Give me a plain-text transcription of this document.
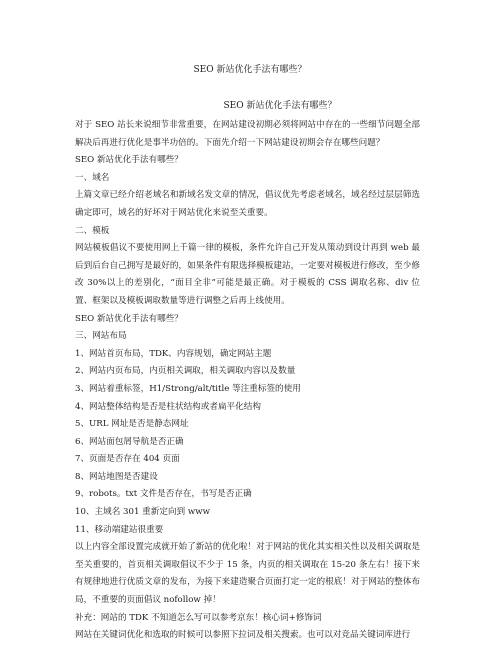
SEO 新站优化手法有哪些？
SEO 新站优化手法有哪些？

对于 SEO 站长来说细节非常重要，在网站建设初期必须将网站中存在的一些细节问题全部解决后再进行优化是事半功倍的。下面先介绍一下网站建设初期会存在哪些问题？

SEO 新站优化手法有哪些？

一、域名

上篇文章已经介绍老域名和新域名发文章的情况，倡议优先考虑老域名，域名经过层层筛选确定即可，域名的好坏对于网站优化来说至关重要。

二、模板

网站模板倡议不要使用网上千篇一律的模板，条件允许自己开发从策动到设计再到 web 最后到后台自己拥写是最好的，如果条件有限选择模板建站，一定要对模板进行修改，至少修改 30%以上的差别化，“面目全非”可能是最正确。对于模板的 CSS 调取名称、div 位置、框架以及模板调取数量等进行调整之后再上线使用。

SEO 新站优化手法有哪些？

三、网站布局

1、网站首页布局，TDK、内容规划，确定网站主题

2、网站内页布局，内页相关调取，相关调取内容以及数量

3、网站着重标签，H1/Strong/alt/title 等注重标签的使用

4、网站整体结构是否是柱状结构或者扁平化结构

5、URL 网址是否是静态网址

6、网站面包屑导航是否正确

7、页面是否存在 404 页面

8、网站地图是否建设

9、robots。txt 文件是否存在，书写是否正确

10、主域名 301 重新定向到 www

11、移动端建站很重要

以上内容全部设置完成就开始了新站的优化啦！对于网站的优化其实相关性以及相关调取是至关重要的，首页相关调取倡议不少于 15 条，内页的相关调取在 15-20 条左右！接下来有规律地进行优质文章的发布，为接下来建造聚合页面打定一定的根底！对于网站的整体布局，不重要的页面倡议 nofollow 掉！

补充：网站的 TDK 不知道怎么写可以参考京东！核心词+修饰词

网站在关键词优化和选取的时候可以参照下拉词及相关搜索。也可以对竞品关键词库进行
